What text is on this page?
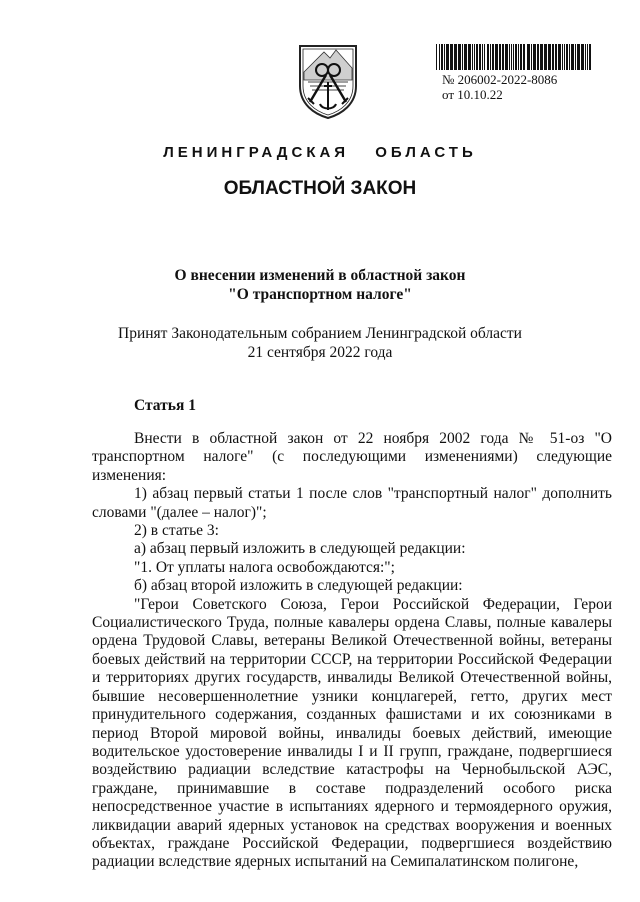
№ 206002-2022-8086
от 10.10.22
ЛЕНИНГРАДСКАЯ ОБЛАСТЬ
ОБЛАСТНОЙ ЗАКОН
О внесении изменений в областной закон
"О транспортном налоге"
Принят Законодательным собранием Ленинградской области
21 сентября 2022 года
Статья 1

Внести в областной закон от 22 ноября 2002 года № 51-оз "О транспортном налоге" (с последующими изменениями) следующие изменения:

1) абзац первый статьи 1 после слов "транспортный налог" дополнить словами "(далее – налог)";

2) в статье 3:

а) абзац первый изложить в следующей редакции:

"1. От уплаты налога освобождаются:";

б) абзац второй изложить в следующей редакции:

"Герои Советского Союза, Герои Российской Федерации, Герои Социалистического Труда, полные кавалеры ордена Славы, полные кавалеры ордена Трудовой Славы, ветераны Великой Отечественной войны, ветераны боевых действий на территории СССР, на территории Российской Федерации и территориях других государств, инвалиды Великой Отечественной войны, бывшие несовершеннолетние узники концлагерей, гетто, других мест принудительного содержания, созданных фашистами и их союзниками в период Второй мировой войны, инвалиды боевых действий, имеющие водительское удостоверение инвалиды I и II групп, граждане, подвергшиеся воздействию радиации вследствие катастрофы на Чернобыльской АЭС, граждане, принимавшие в составе подразделений особого риска непосредственное участие в испытаниях ядерного и термоядерного оружия, ликвидации аварий ядерных установок на средствах вооружения и военных объектах, граждане Российской Федерации, подвергшиеся воздействию радиации вследствие ядерных испытаний на Семипалатинском полигоне,
